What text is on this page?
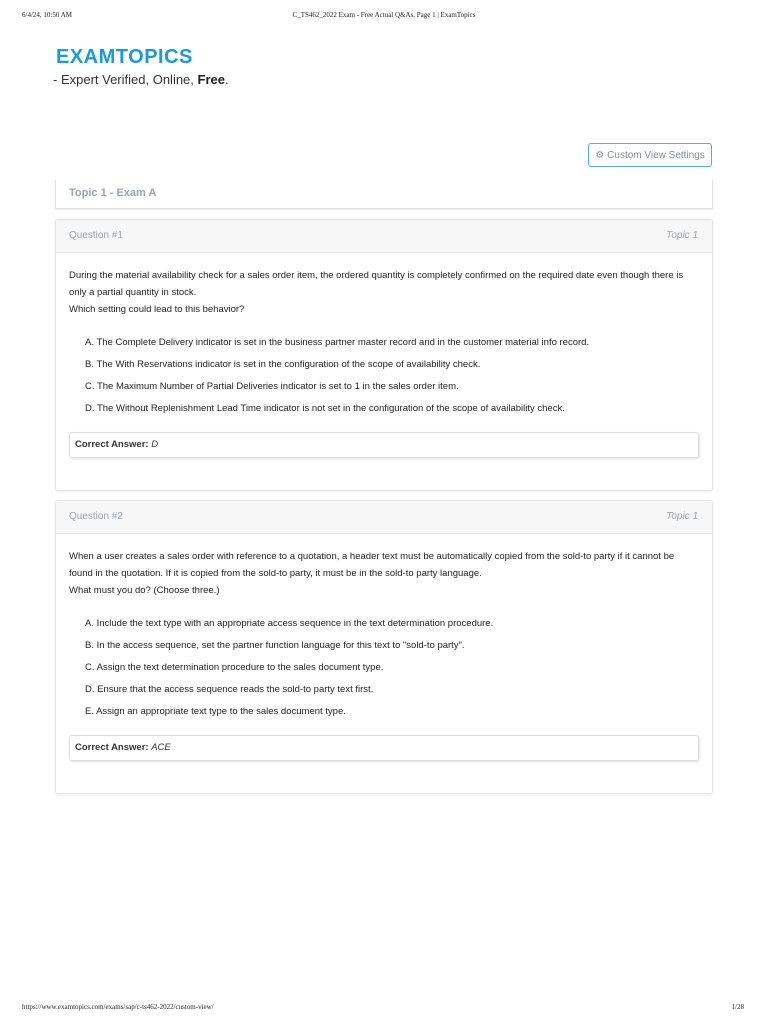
6/4/24, 10:50 AM	C_TS462_2022 Exam - Free Actual Q&As, Page 1 | ExamTopics
EXAMTOPICS
- Expert Verified, Online, Free.
⚙ Custom View Settings
Topic 1 - Exam A
Question #1	Topic 1

During the material availability check for a sales order item, the ordered quantity is completely confirmed on the required date even though there is only a partial quantity in stock.

Which setting could lead to this behavior?

A. The Complete Delivery indicator is set in the business partner master record and in the customer material info record.
B. The With Reservations indicator is set in the configuration of the scope of availability check.
C. The Maximum Number of Partial Deliveries indicator is set to 1 in the sales order item.
D. The Without Replenishment Lead Time indicator is not set in the configuration of the scope of availability check.
Correct Answer: D
Question #2	Topic 1

When a user creates a sales order with reference to a quotation, a header text must be automatically copied from the sold-to party if it cannot be found in the quotation. If it is copied from the sold-to party, it must be in the sold-to party language.

What must you do? (Choose three.)

A. Include the text type with an appropriate access sequence in the text determination procedure.
B. In the access sequence, set the partner function language for this text to "sold-to party".
C. Assign the text determination procedure to the sales document type.
D. Ensure that the access sequence reads the sold-to party text first.
E. Assign an appropriate text type to the sales document type.
Correct Answer: ACE
https://www.examtopics.com/exams/sap/c-ts462-2022/custom-view/	1/28
